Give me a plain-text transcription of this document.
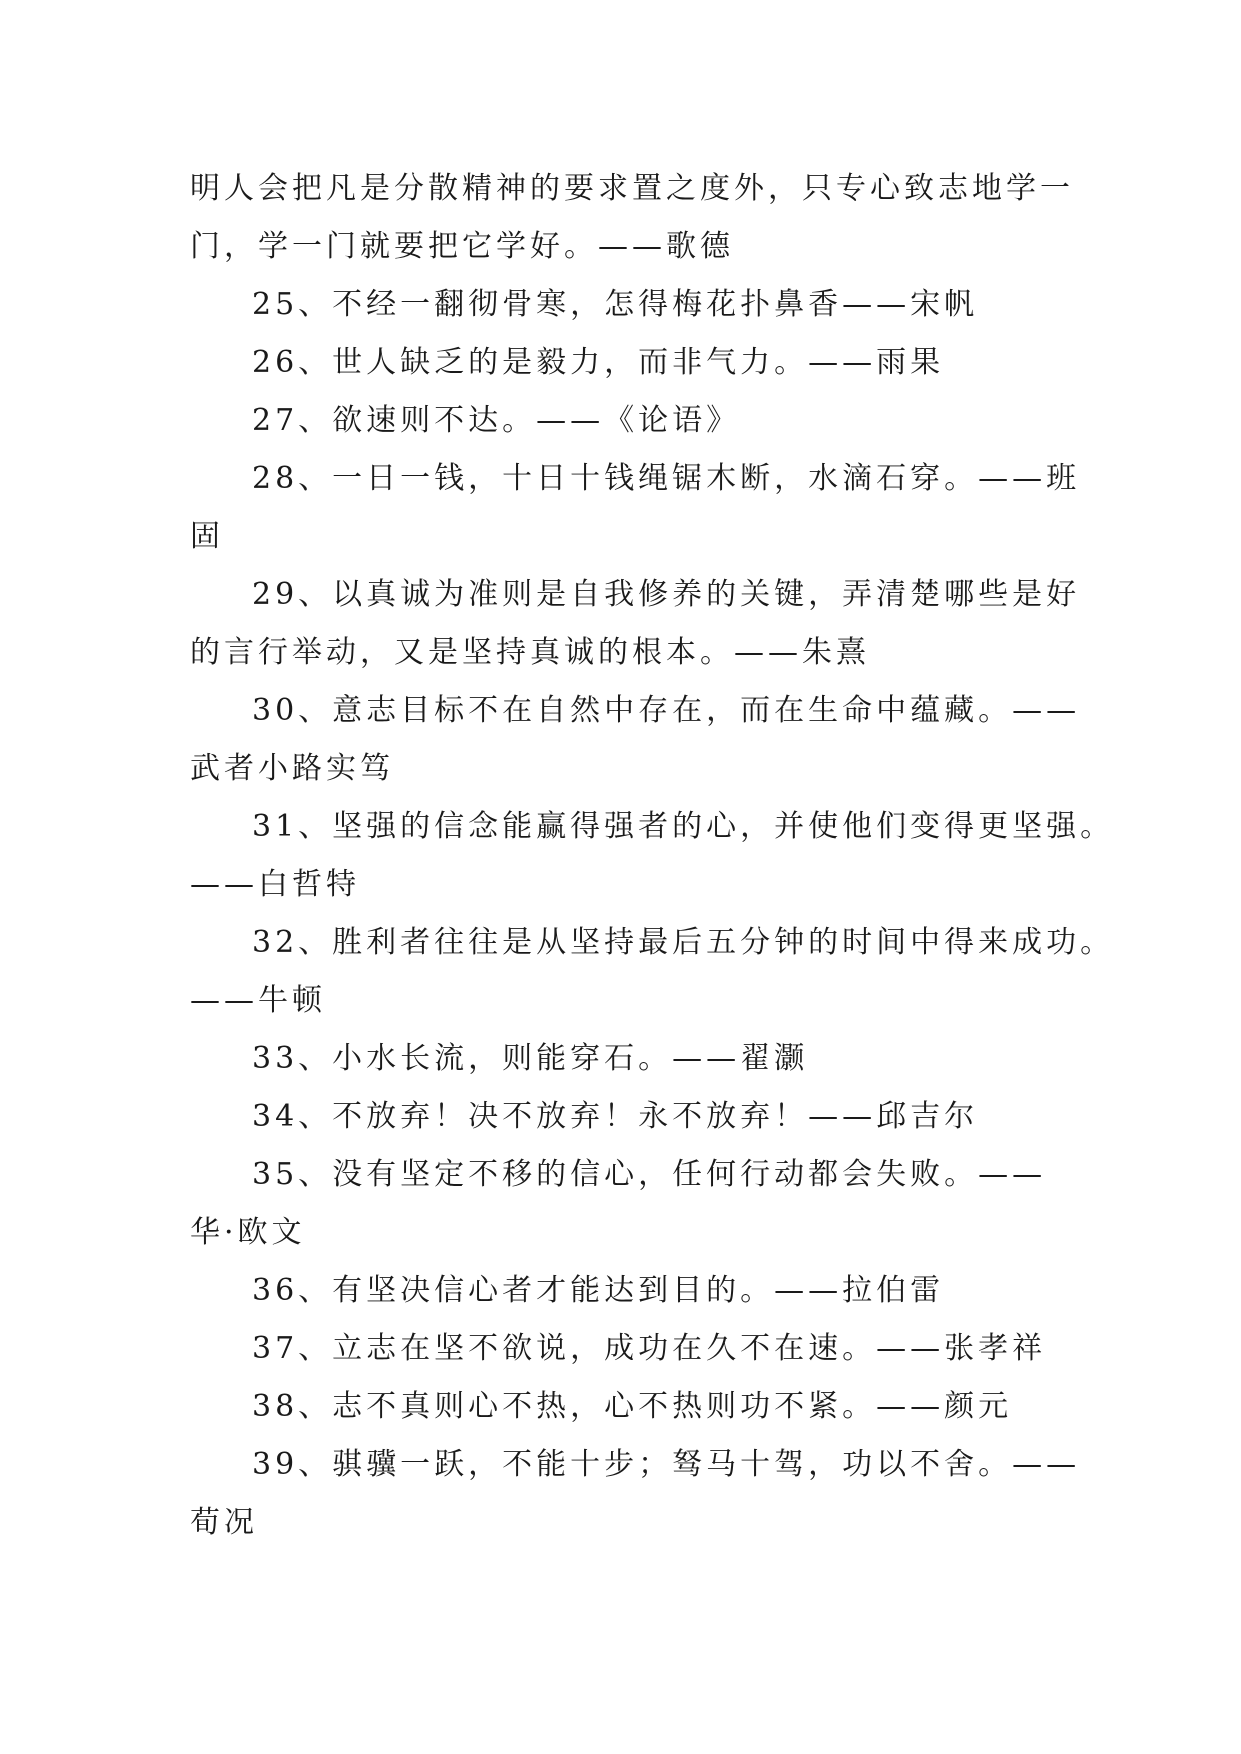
明人会把凡是分散精神的要求置之度外，只专心致志地学一

门，学一门就要把它学好。——歌德

25、不经一翻彻骨寒，怎得梅花扑鼻香——宋帆

26、世人缺乏的是毅力，而非气力。——雨果

27、欲速则不达。——《论语》

28、一日一钱，十日十钱绳锯木断，水滴石穿。——班

固

29、以真诚为准则是自我修养的关键，弄清楚哪些是好

的言行举动，又是坚持真诚的根本。——朱熹

30、意志目标不在自然中存在，而在生命中蕴藏。——

武者小路实笃

31、坚强的信念能赢得强者的心，并使他们变得更坚强。

——白哲特

32、胜利者往往是从坚持最后五分钟的时间中得来成功。

——牛顿

33、小水长流，则能穿石。——翟灏

34、不放弃！决不放弃！永不放弃！——邱吉尔

35、没有坚定不移的信心，任何行动都会失败。——

华·欧文

36、有坚决信心者才能达到目的。——拉伯雷

37、立志在坚不欲说，成功在久不在速。——张孝祥

38、志不真则心不热，心不热则功不紧。——颜元

39、骐骥一跃，不能十步；驽马十驾，功以不舍。——

荀况
